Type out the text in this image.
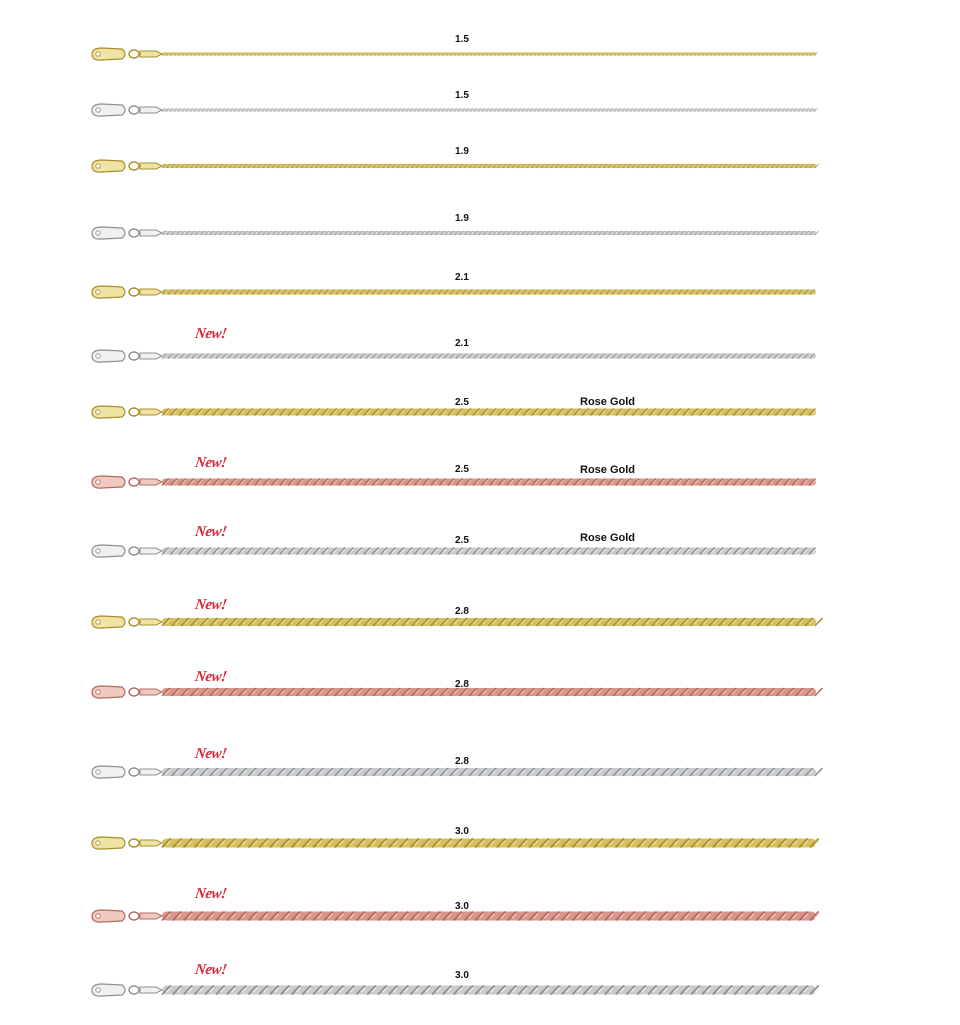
1.5
1.5
1.9
1.9
2.1
2.1
New!
2.5	Rose Gold
2.5
New!	Rose Gold
2.5
New!	Rose Gold
2.8
New!
2.8
New!
2.8
New!
3.0
3.0
New!
3.0
New!
